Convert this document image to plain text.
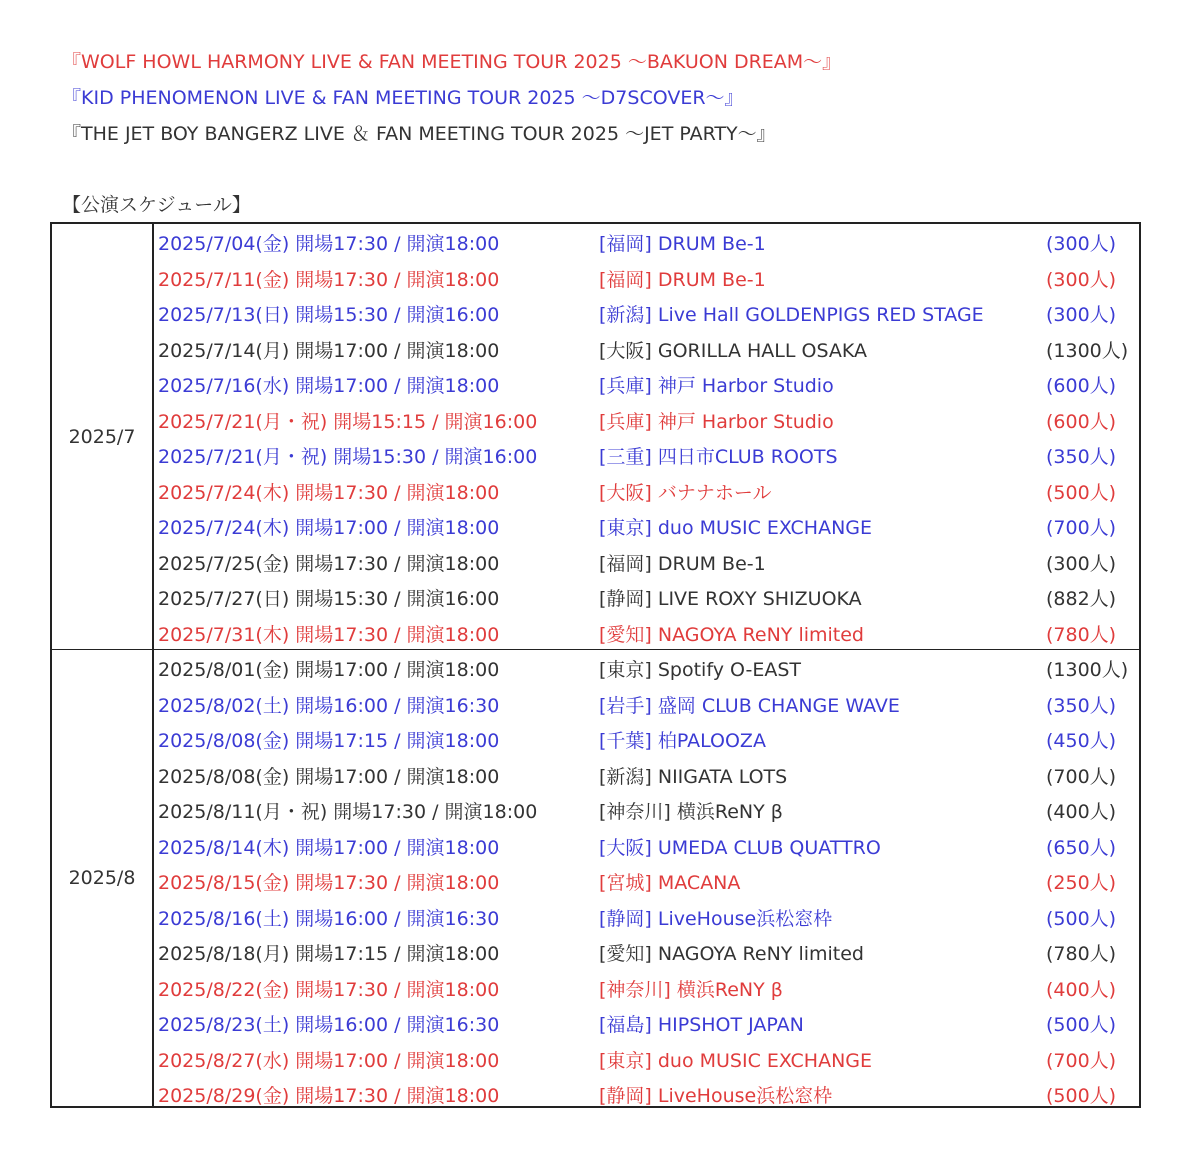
『WOLF HOWL HARMONY LIVE & FAN MEETING TOUR 2025 ～BAKUON DREAM～』
『KID PHENOMENON LIVE & FAN MEETING TOUR 2025 ～D7SCOVER～』
『THE JET BOY BANGERZ LIVE ＆ FAN MEETING TOUR 2025 ～JET PARTY～』
【公演スケジュール】
2025/7
2025/7/04(金) 開場17:30 / 開演18:00	[福岡] DRUM Be-1	(300人)
2025/7/11(金) 開場17:30 / 開演18:00	[福岡] DRUM Be-1	(300人)
2025/7/13(日) 開場15:30 / 開演16:00	[新潟] Live Hall GOLDENPIGS RED STAGE	(300人)
2025/7/14(月) 開場17:00 / 開演18:00	[大阪] GORILLA HALL OSAKA	(1300人)
2025/7/16(水) 開場17:00 / 開演18:00	[兵庫] 神戸 Harbor Studio	(600人)
2025/7/21(月・祝) 開場15:15 / 開演16:00	[兵庫] 神戸 Harbor Studio	(600人)
2025/7/21(月・祝) 開場15:30 / 開演16:00	[三重] 四日市CLUB ROOTS	(350人)
2025/7/24(木) 開場17:30 / 開演18:00	[大阪] バナナホール	(500人)
2025/7/24(木) 開場17:00 / 開演18:00	[東京] duo MUSIC EXCHANGE	(700人)
2025/7/25(金) 開場17:30 / 開演18:00	[福岡] DRUM Be-1	(300人)
2025/7/27(日) 開場15:30 / 開演16:00	[静岡] LIVE ROXY SHIZUOKA	(882人)
2025/7/31(木) 開場17:30 / 開演18:00	[愛知] NAGOYA ReNY limited	(780人)
2025/8
2025/8/01(金) 開場17:00 / 開演18:00	[東京] Spotify O-EAST	(1300人)
2025/8/02(土) 開場16:00 / 開演16:30	[岩手] 盛岡 CLUB CHANGE WAVE	(350人)
2025/8/08(金) 開場17:15 / 開演18:00	[千葉] 柏PALOOZA	(450人)
2025/8/08(金) 開場17:00 / 開演18:00	[新潟] NIIGATA LOTS	(700人)
2025/8/11(月・祝) 開場17:30 / 開演18:00	[神奈川] 横浜ReNY β	(400人)
2025/8/14(木) 開場17:00 / 開演18:00	[大阪] UMEDA CLUB QUATTRO	(650人)
2025/8/15(金) 開場17:30 / 開演18:00	[宮城] MACANA	(250人)
2025/8/16(土) 開場16:00 / 開演16:30	[静岡] LiveHouse浜松窓枠	(500人)
2025/8/18(月) 開場17:15 / 開演18:00	[愛知] NAGOYA ReNY limited	(780人)
2025/8/22(金) 開場17:30 / 開演18:00	[神奈川] 横浜ReNY β	(400人)
2025/8/23(土) 開場16:00 / 開演16:30	[福島] HIPSHOT JAPAN	(500人)
2025/8/27(水) 開場17:00 / 開演18:00	[東京] duo MUSIC EXCHANGE	(700人)
2025/8/29(金) 開場17:30 / 開演18:00	[静岡] LiveHouse浜松窓枠	(500人)
